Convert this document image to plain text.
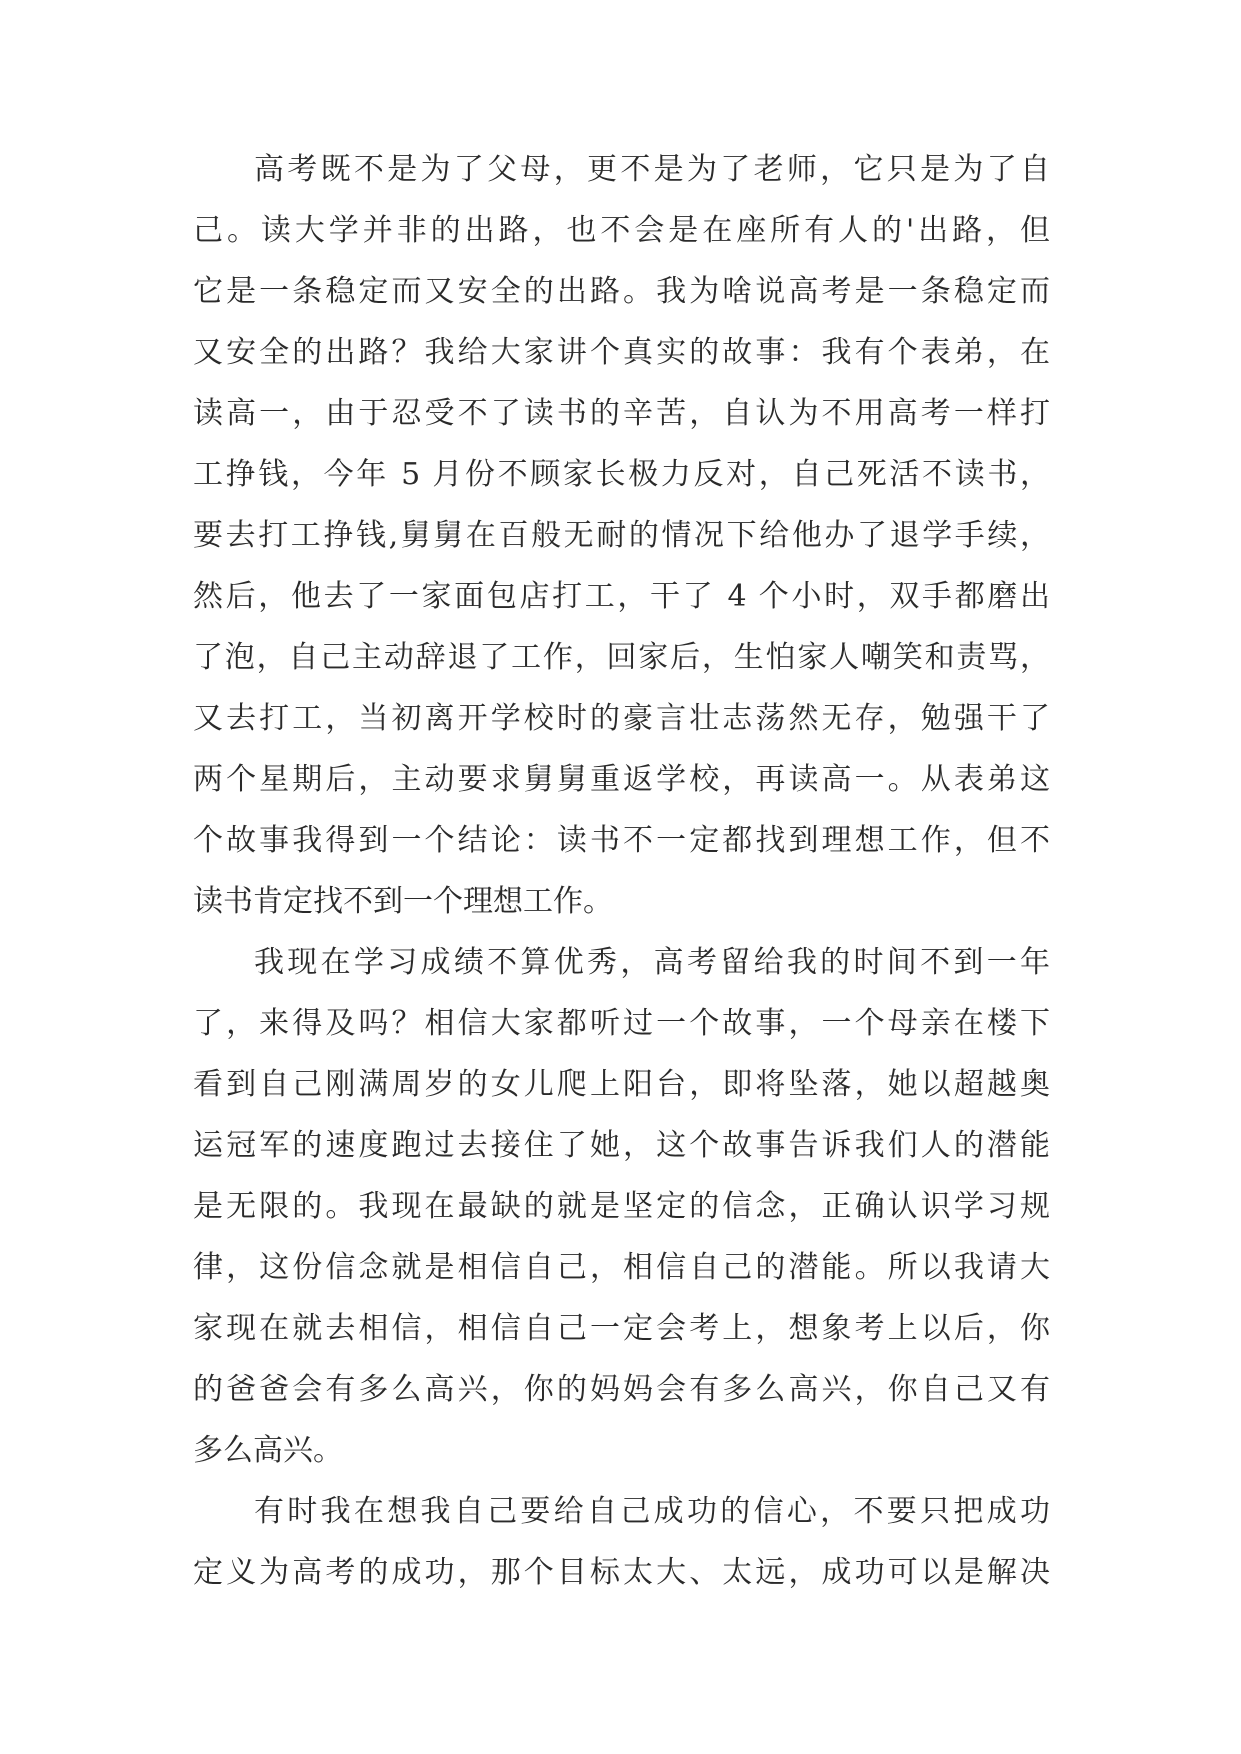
高考既不是为了父母，更不是为了老师，它只是为了自
己。读大学并非的出路，也不会是在座所有人的'出路，但
它是一条稳定而又安全的出路。我为啥说高考是一条稳定而
又安全的出路？我给大家讲个真实的故事：我有个表弟，在
读高一，由于忍受不了读书的辛苦，自认为不用高考一样打
工挣钱，今年 5 月份不顾家长极力反对，自己死活不读书，
要去打工挣钱,舅舅在百般无耐的情况下给他办了退学手续，
然后，他去了一家面包店打工，干了 4 个小时，双手都磨出
了泡，自己主动辞退了工作，回家后，生怕家人嘲笑和责骂，
又去打工，当初离开学校时的豪言壮志荡然无存，勉强干了
两个星期后，主动要求舅舅重返学校，再读高一。从表弟这
个故事我得到一个结论：读书不一定都找到理想工作，但不
读书肯定找不到一个理想工作。
我现在学习成绩不算优秀，高考留给我的时间不到一年
了，来得及吗？相信大家都听过一个故事，一个母亲在楼下
看到自己刚满周岁的女儿爬上阳台，即将坠落，她以超越奥
运冠军的速度跑过去接住了她，这个故事告诉我们人的潜能
是无限的。我现在最缺的就是坚定的信念，正确认识学习规
律，这份信念就是相信自己，相信自己的潜能。所以我请大
家现在就去相信，相信自己一定会考上，想象考上以后，你
的爸爸会有多么高兴，你的妈妈会有多么高兴，你自己又有
多么高兴。
有时我在想我自己要给自己成功的信心，不要只把成功
定义为高考的成功，那个目标太大、太远，成功可以是解决
